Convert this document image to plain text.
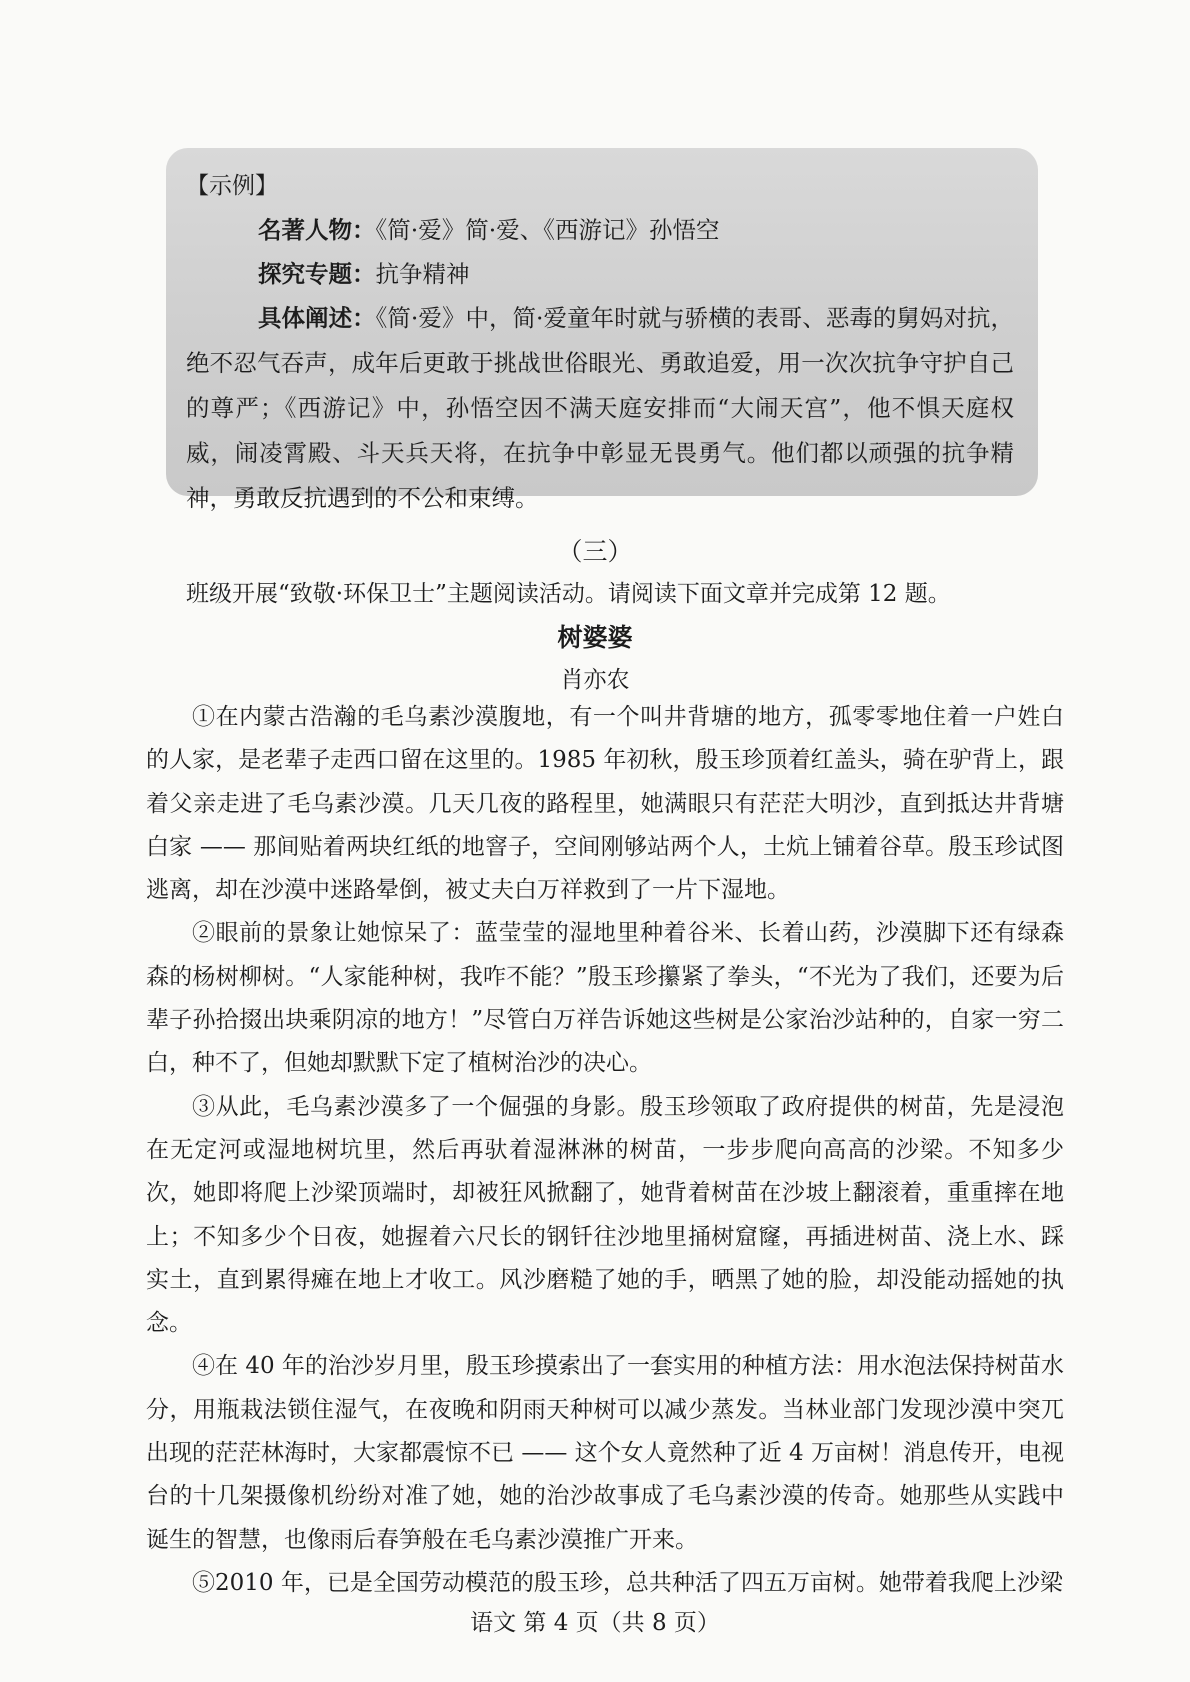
【示例】
名著人物：《简·爱》简·爱、《西游记》孙悟空
探究专题：抗争精神
具体阐述：《简·爱》中，简·爱童年时就与骄横的表哥、恶毒的舅妈对抗，绝不忍气吞声，成年后更敢于挑战世俗眼光、勇敢追爱，用一次次抗争守护自己的尊严；《西游记》中，孙悟空因不满天庭安排而“大闹天宫”，他不惧天庭权威，闹凌霄殿、斗天兵天将，在抗争中彰显无畏勇气。他们都以顽强的抗争精神，勇敢反抗遇到的不公和束缚。
（三）
班级开展“致敬·环保卫士”主题阅读活动。请阅读下面文章并完成第 12 题。
树婆婆
肖亦农

①在内蒙古浩瀚的毛乌素沙漠腹地，有一个叫井背塘的地方，孤零零地住着一户姓白的人家，是老辈子走西口留在这里的。1985 年初秋，殷玉珍顶着红盖头，骑在驴背上，跟着父亲走进了毛乌素沙漠。几天几夜的路程里，她满眼只有茫茫大明沙，直到抵达井背塘白家 —— 那间贴着两块红纸的地窨子，空间刚够站两个人，土炕上铺着谷草。殷玉珍试图逃离，却在沙漠中迷路晕倒，被丈夫白万祥救到了一片下湿地。

②眼前的景象让她惊呆了：蓝莹莹的湿地里种着谷米、长着山药，沙漠脚下还有绿森森的杨树柳树。“人家能种树，我咋不能？”殷玉珍攥紧了拳头，“不光为了我们，还要为后辈子孙拾掇出块乘阴凉的地方！”尽管白万祥告诉她这些树是公家治沙站种的，自家一穷二白，种不了，但她却默默下定了植树治沙的决心。

③从此，毛乌素沙漠多了一个倔强的身影。殷玉珍领取了政府提供的树苗，先是浸泡在无定河或湿地树坑里，然后再驮着湿淋淋的树苗，一步步爬向高高的沙梁。不知多少次，她即将爬上沙梁顶端时，却被狂风掀翻了，她背着树苗在沙坡上翻滚着，重重摔在地上；不知多少个日夜，她握着六尺长的钢钎往沙地里捅树窟窿，再插进树苗、浇上水、踩实土，直到累得瘫在地上才收工。风沙磨糙了她的手，晒黑了她的脸，却没能动摇她的执念。

④在 40 年的治沙岁月里，殷玉珍摸索出了一套实用的种植方法：用水泡法保持树苗水分，用瓶栽法锁住湿气，在夜晚和阴雨天种树可以减少蒸发。当林业部门发现沙漠中突兀出现的茫茫林海时，大家都震惊不已 —— 这个女人竟然种了近 4 万亩树！消息传开，电视台的十几架摄像机纷纷对准了她，她的治沙故事成了毛乌素沙漠的传奇。她那些从实践中诞生的智慧，也像雨后春笋般在毛乌素沙漠推广开来。

⑤2010 年，已是全国劳动模范的殷玉珍，总共种活了四五万亩树。她带着我爬上沙梁

语文 第 4 页（共 8 页）
